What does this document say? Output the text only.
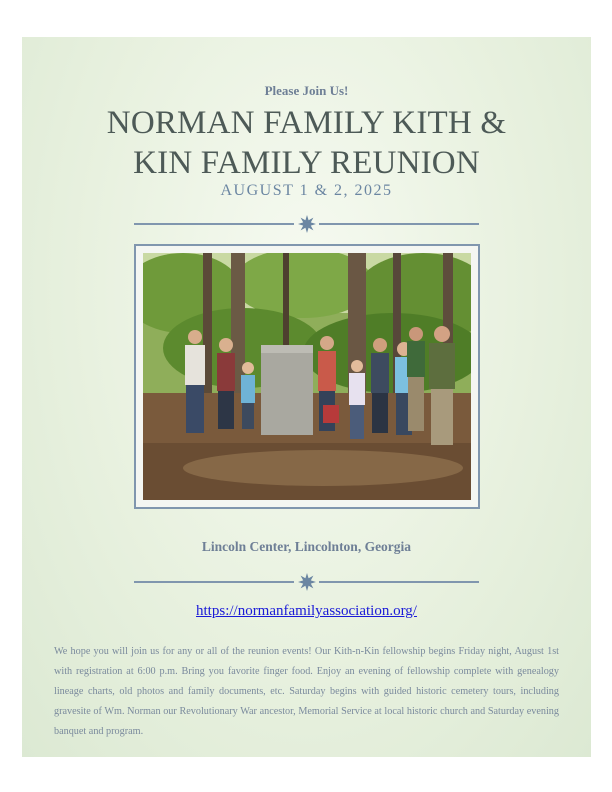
Please Join Us!
NORMAN FAMILY KITH &
KIN FAMILY REUNION
AUGUST 1 & 2, 2025
Lincoln Center, Lincolnton, Georgia
https://normanfamilyassociation.org/
We hope you will join us for any or all of the reunion events! Our Kith-n-Kin fellowship begins Friday night, August 1st with registration at 6:00 p.m. Bring you favorite finger food. Enjoy an evening of fellowship complete with genealogy lineage charts, old photos and family documents, etc. Saturday begins with guided historic cemetery tours, including gravesite of Wm. Norman our Revolutionary War ancestor, Memorial Service at local historic church and Saturday evening banquet and program.
